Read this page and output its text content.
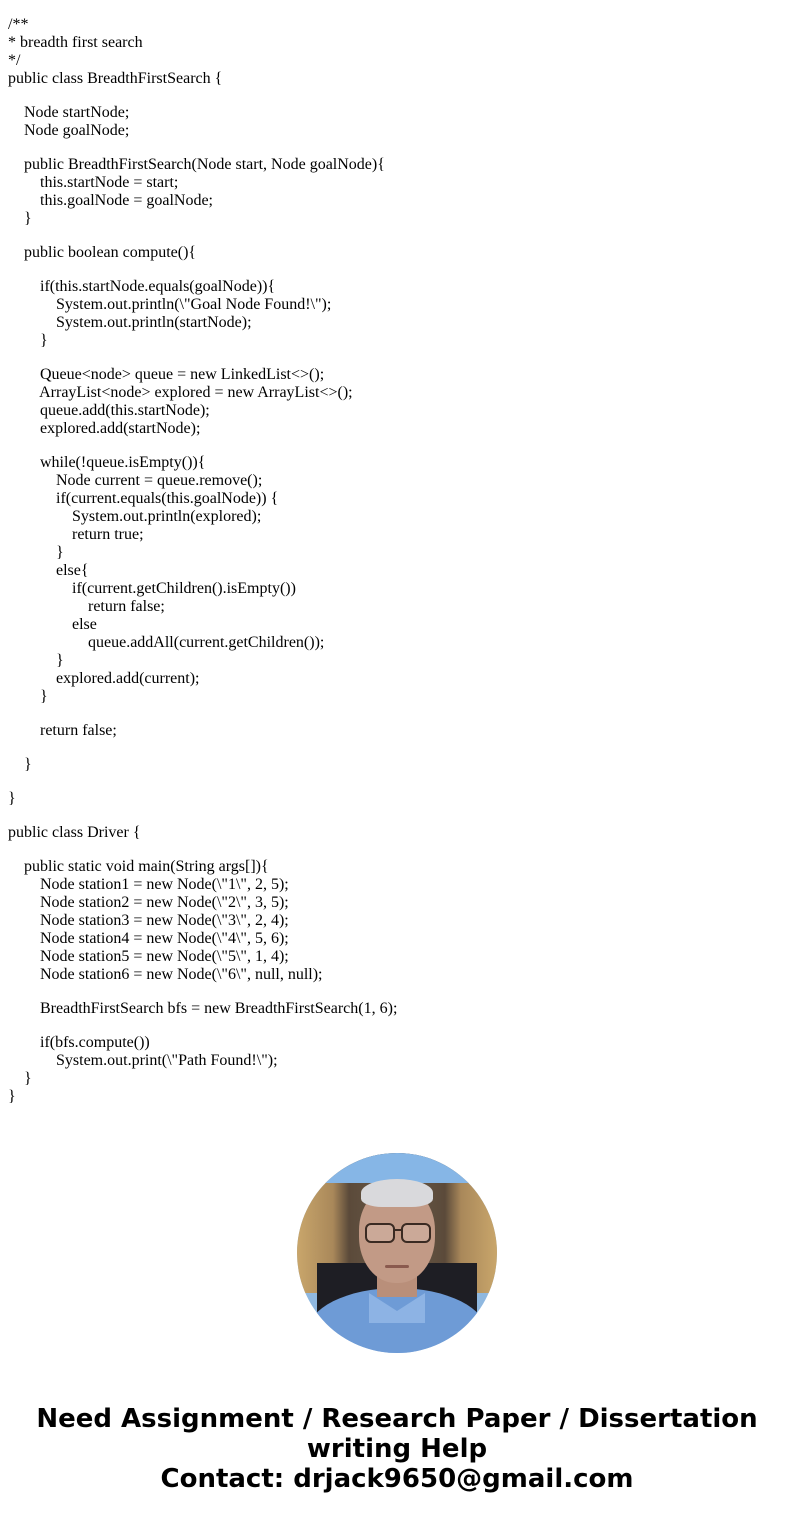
/**
* breadth first search
*/
public class BreadthFirstSearch {
Node startNode;
Node goalNode;
public BreadthFirstSearch(Node start, Node goalNode){
this.startNode = start;
this.goalNode = goalNode;
}
public boolean compute(){
if(this.startNode.equals(goalNode)){
System.out.println(\"Goal Node Found!\");
System.out.println(startNode);
}
Queue<node> queue = new LinkedList<>();
ArrayList<node> explored = new ArrayList<>();
queue.add(this.startNode);
explored.add(startNode);
while(!queue.isEmpty()){
Node current = queue.remove();
if(current.equals(this.goalNode)) {
System.out.println(explored);
return true;
}
else{
if(current.getChildren().isEmpty())
return false;
else
queue.addAll(current.getChildren());
}
explored.add(current);
}
return false;
}
}
public class Driver {
public static void main(String args[]){
Node station1 = new Node(\"1\", 2, 5);
Node station2 = new Node(\"2\", 3, 5);
Node station3 = new Node(\"3\", 2, 4);
Node station4 = new Node(\"4\", 5, 6);
Node station5 = new Node(\"5\", 1, 4);
Node station6 = new Node(\"6\", null, null);
BreadthFirstSearch bfs = new BreadthFirstSearch(1, 6);
if(bfs.compute())
System.out.print(\"Path Found!\");
}
}
Need Assignment / Research Paper / Dissertation
writing Help
Contact: drjack9650@gmail.com
